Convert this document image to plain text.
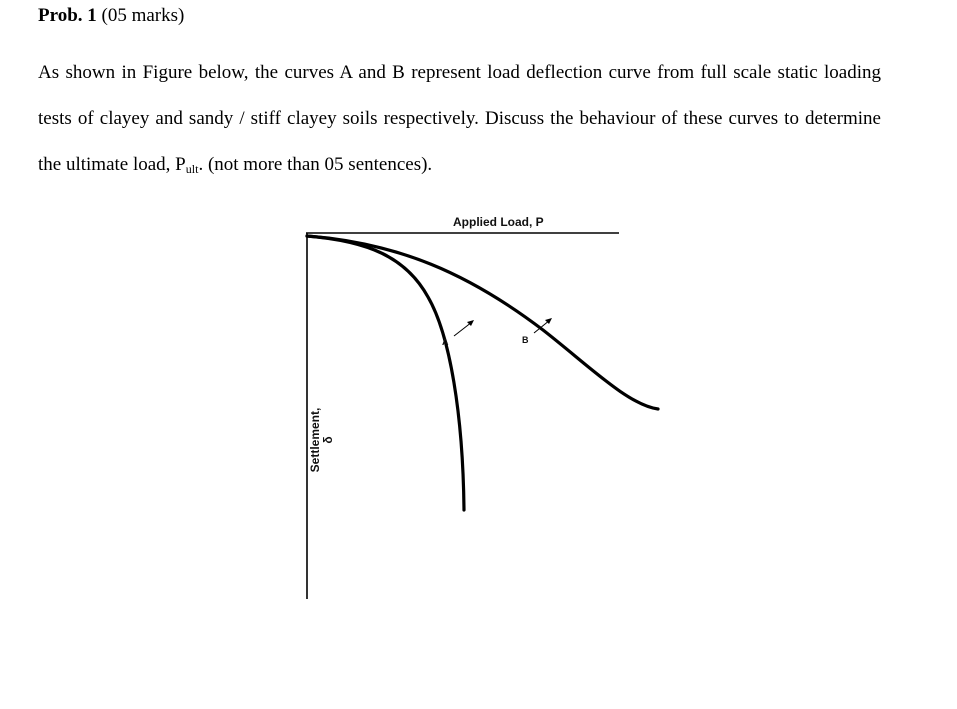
Prob. 1 (05 marks)
As shown in Figure below, the curves A and B represent load deflection curve from full scale static loading tests of clayey and sandy / stiff clayey soils respectively. Discuss the behaviour of these curves to determine the ultimate load, $P_{ult}$. (not more than 05 sentences).
Applied Load, P
A	B
Settlement, δ
